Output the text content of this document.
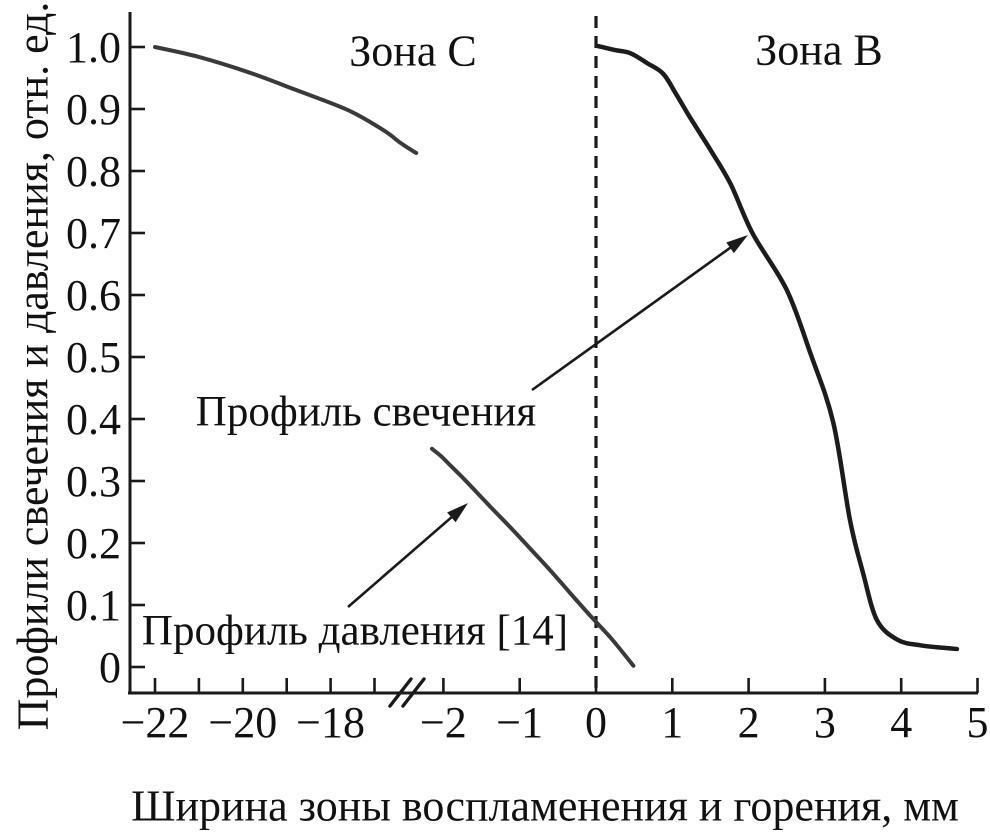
0
0.1
0.2
0.3
0.4
0.5
0.6
0.7
0.8
0.9
1.0
−22 −20 −18 −2 −1 0 1 2 3 4 5
Профили свечения и давления, отн. ед.
Ширина зоны воспламенения и горения, мм
Зона C	Зона B
Профиль свечения
Профиль давления [14]
